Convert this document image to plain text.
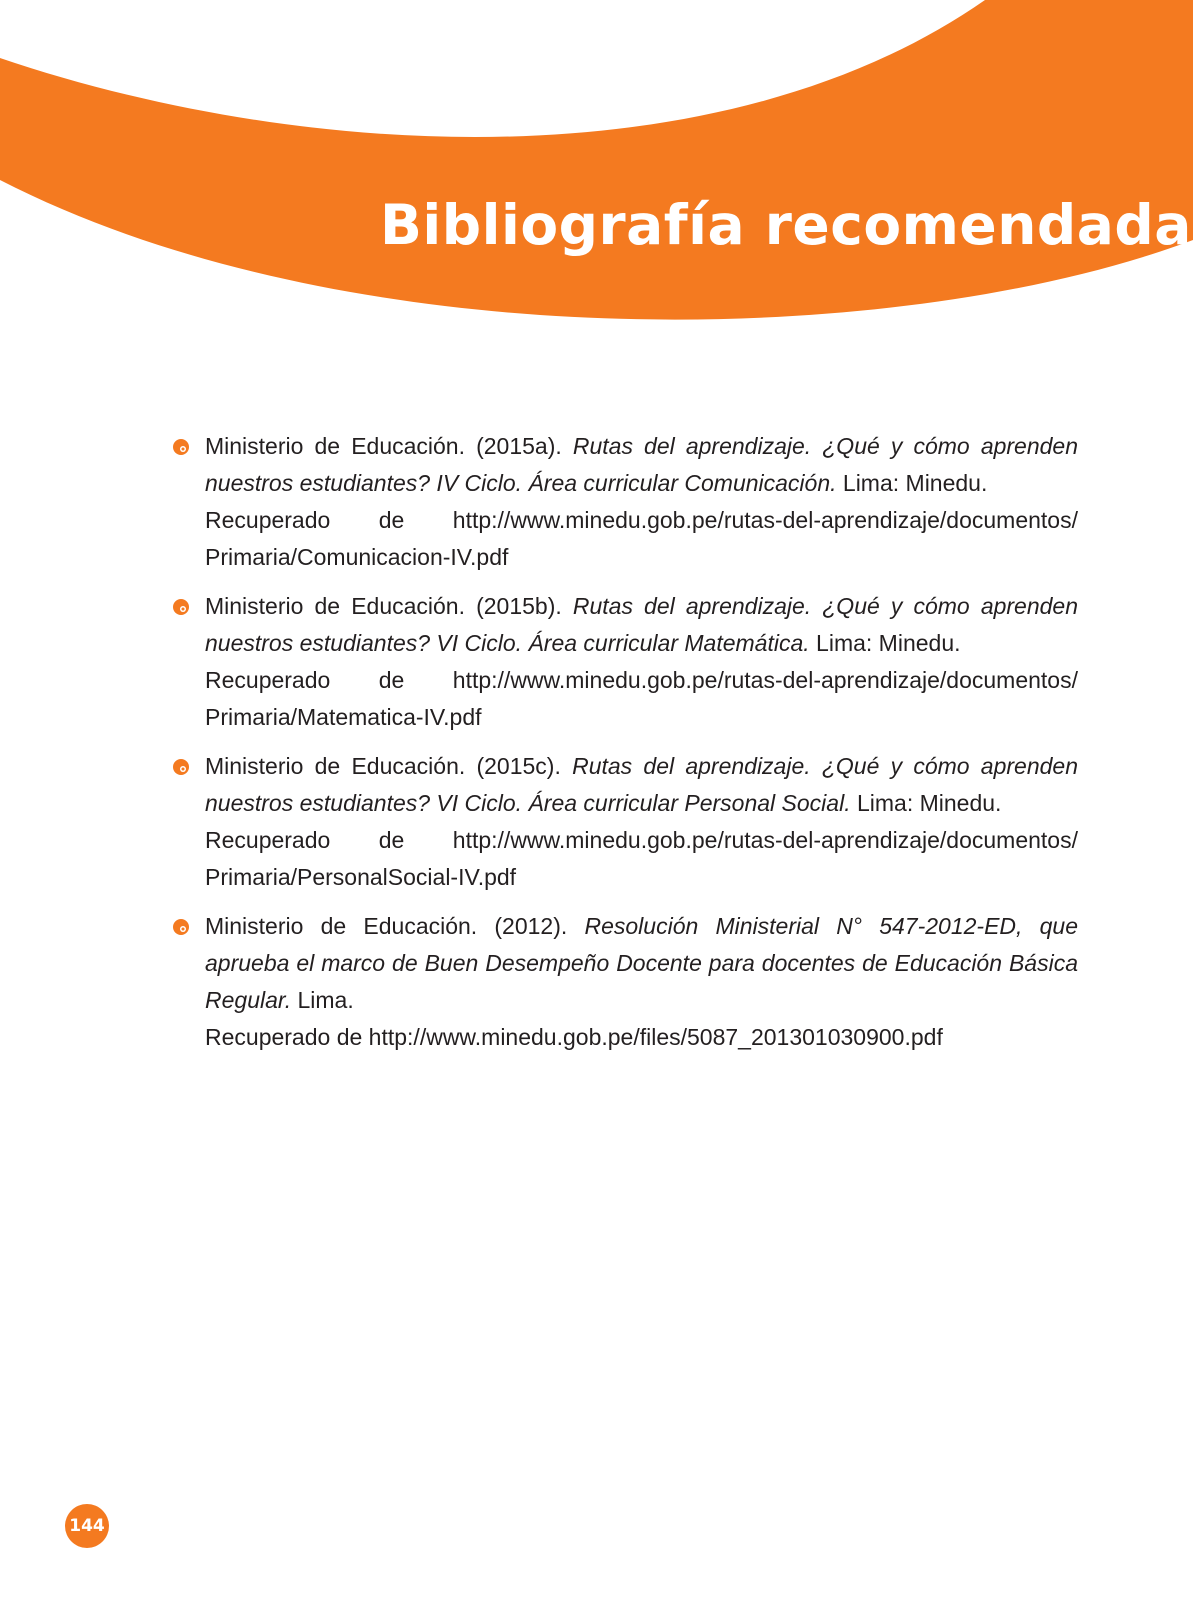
Bibliografía recomendada

Ministerio de Educación. (2015a). Rutas del aprendizaje. ¿Qué y cómo aprenden nuestros estudiantes? IV Ciclo. Área curricular Comunicación. Lima: Minedu.

Recuperado de http://www.minedu.gob.pe/rutas-del-aprendizaje/documentos/
Primaria/Comunicacion-IV.pdf

Ministerio de Educación. (2015b). Rutas del aprendizaje. ¿Qué y cómo aprenden nuestros estudiantes? VI Ciclo. Área curricular Matemática. Lima: Minedu.

Recuperado de http://www.minedu.gob.pe/rutas-del-aprendizaje/documentos/
Primaria/Matematica-IV.pdf

Ministerio de Educación. (2015c). Rutas del aprendizaje. ¿Qué y cómo aprenden nuestros estudiantes? VI Ciclo. Área curricular Personal Social. Lima: Minedu.

Recuperado de http://www.minedu.gob.pe/rutas-del-aprendizaje/documentos/
Primaria/PersonalSocial-IV.pdf

Ministerio de Educación. (2012). Resolución Ministerial N° 547-2012-ED, que aprueba el marco de Buen Desempeño Docente para docentes de Educación Básica Regular. Lima.

Recuperado de http://www.minedu.gob.pe/files/5087_201301030900.pdf
144
